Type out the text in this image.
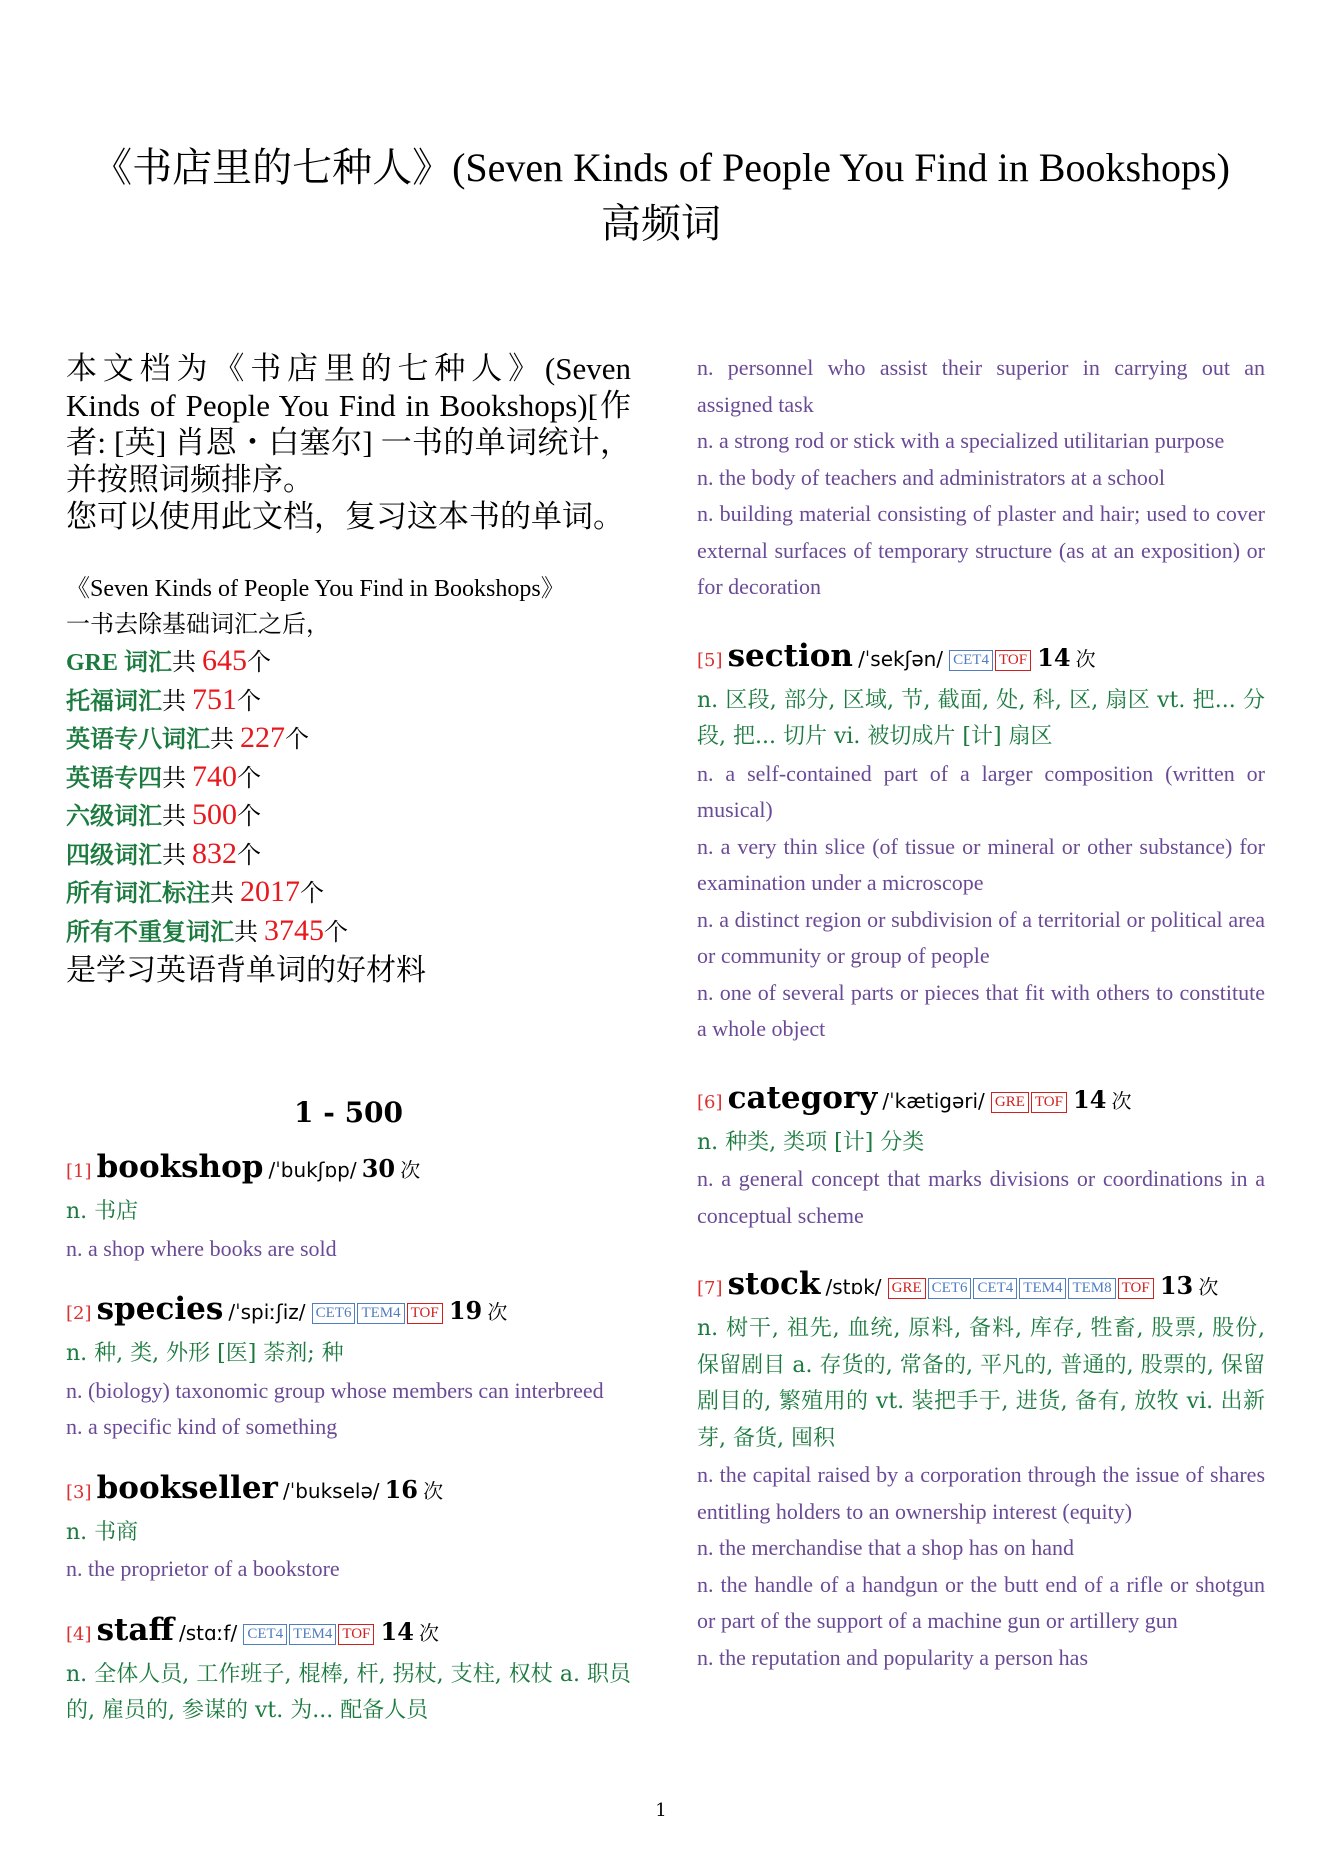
《书店里的七种人》(Seven Kinds of People You Find in Bookshops)
高频词

本文档为《书店里的七种人》(Seven Kinds of People You Find in Bookshops)[作者: [英] 肖恩・白塞尔] 一书的单词统计，并按照词频排序。

您可以使用此文档，复习这本书的单词。

《Seven Kinds of People You Find in Bookshops》
一书去除基础词汇之后，
GRE 词汇共 645个
托福词汇共 751个
英语专八词汇共 227个
英语专四共 740个
六级词汇共 500个
四级词汇共 832个
所有词汇标注共 2017个
所有不重复词汇共 3745个
是学习英语背单词的好材料
1 - 500
[1] bookshop /ˈbukʃɒp/ 30 次
n. 书店
n. a shop where books are sold
[2] species /ˈspiːʃiz/ CET6 TEM4 TOF 19 次
n. 种, 类, 外形 [医] 荼剂; 种
n. (biology) taxonomic group whose members can interbreed
n. a specific kind of something
[3] bookseller /ˈbukselə/ 16 次
n. 书商
n. the proprietor of a bookstore
[4] staff /stɑːf/ CET4 TEM4 TOF 14 次
n. 全体人员, 工作班子, 棍棒, 杆, 拐杖, 支柱, 权杖 a. 职员的, 雇员的, 参谋的 vt. 为... 配备人员
n. personnel who assist their superior in carrying out an assigned task
n. a strong rod or stick with a specialized utilitarian purpose
n. the body of teachers and administrators at a school
n. building material consisting of plaster and hair; used to cover external surfaces of temporary structure (as at an exposition) or for decoration
[5] section /ˈsekʃən/ CET4 TOF 14 次
n. 区段, 部分, 区域, 节, 截面, 处, 科, 区, 扇区 vt. 把... 分段, 把... 切片 vi. 被切成片 [计] 扇区
n. a self-contained part of a larger composition (written or musical)
n. a very thin slice (of tissue or mineral or other substance) for examination under a microscope
n. a distinct region or subdivision of a territorial or political area or community or group of people
n. one of several parts or pieces that fit with others to constitute a whole object
[6] category /ˈkætigəri/ GRE TOF 14 次
n. 种类, 类项 [计] 分类
n. a general concept that marks divisions or coordinations in a conceptual scheme
[7] stock /stɒk/ GRE CET6 CET4 TEM4 TEM8 TOF 13 次
n. 树干, 祖先, 血统, 原料, 备料, 库存, 牲畜, 股票, 股份, 保留剧目 a. 存货的, 常备的, 平凡的, 普通的, 股票的, 保留剧目的, 繁殖用的 vt. 装把手于, 进货, 备有, 放牧 vi. 出新芽, 备货, 囤积
n. the capital raised by a corporation through the issue of shares entitling holders to an ownership interest (equity)
n. the merchandise that a shop has on hand
n. the handle of a handgun or the butt end of a rifle or shotgun or part of the support of a machine gun or artillery gun
n. the reputation and popularity a person has
1
